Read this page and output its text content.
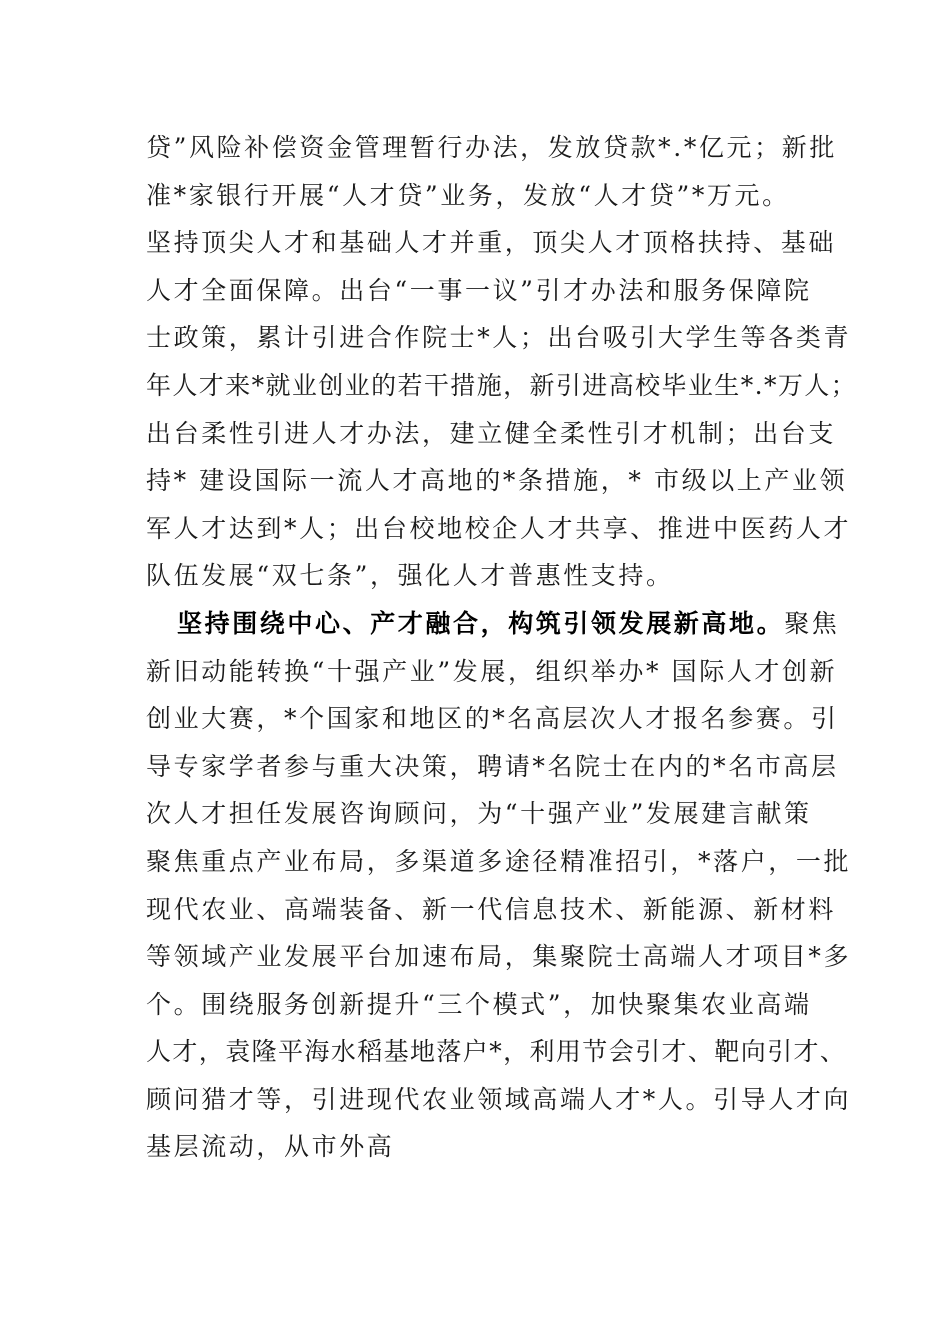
贷”风险补偿资金管理暂行办法，发放贷款*.*亿元；新批
准*家银行开展“人才贷”业务，发放“人才贷”*万元。
坚持顶尖人才和基础人才并重，顶尖人才顶格扶持、基础
人才全面保障。出台“一事一议”引才办法和服务保障院
士政策，累计引进合作院士*人；出台吸引大学生等各类青
年人才来*就业创业的若干措施，新引进高校毕业生*.*万人；
出台柔性引进人才办法，建立健全柔性引才机制；出台支
持* 建设国际一流人才高地的*条措施，* 市级以上产业领
军人才达到*人；出台校地校企人才共享、推进中医药人才
队伍发展“双七条”，强化人才普惠性支持。
坚持围绕中心、产才融合，构筑引领发展新高地。聚焦
新旧动能转换“十强产业”发展，组织举办* 国际人才创新
创业大赛，*个国家和地区的*名高层次人才报名参赛。引
导专家学者参与重大决策，聘请*名院士在内的*名市高层
次人才担任发展咨询顾问，为“十强产业”发展建言献策
聚焦重点产业布局，多渠道多途径精准招引，*落户，一批
现代农业、高端装备、新一代信息技术、新能源、新材料
等领域产业发展平台加速布局，集聚院士高端人才项目*多
个。围绕服务创新提升“三个模式”，加快聚集农业高端
人才，袁隆平海水稻基地落户*，利用节会引才、靶向引才、
顾问猎才等，引进现代农业领域高端人才*人。引导人才向
基层流动，从市外高
